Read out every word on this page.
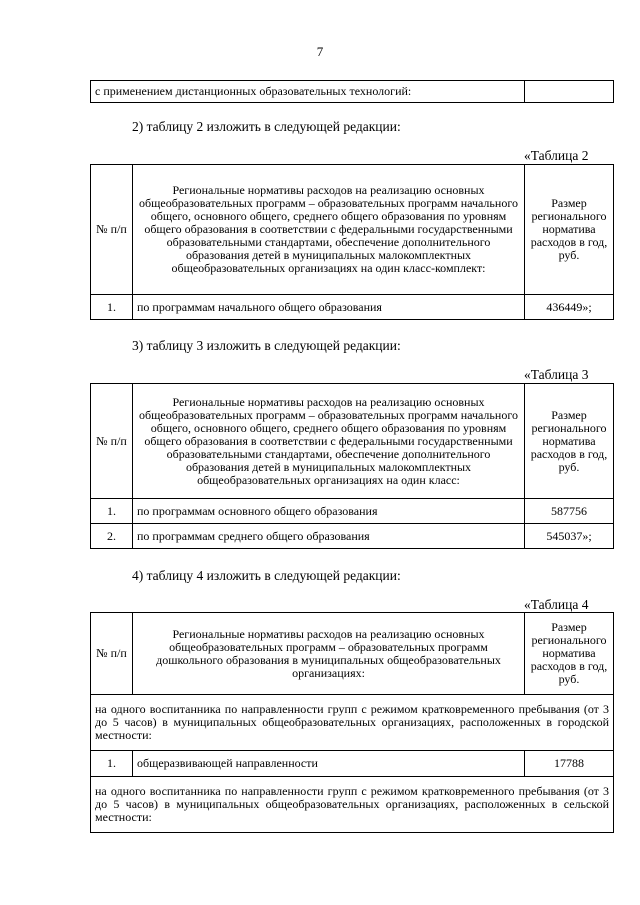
7
с применением дистанционных образовательных технологий:	
2) таблицу 2 изложить в следующей редакции:
«Таблица 2
№ п/п	Региональные нормативы расходов на реализацию основных общеобразовательных программ – образовательных программ начального общего, основного общего, среднего общего образования по уровням общего образования в соответствии с федеральными государственными образовательными стандартами, обеспечение дополнительного образования детей в муниципальных малокомплектных общеобразовательных организациях на один класс-комплект:	Размер регионального норматива расходов в год, руб.
1.	по программам начального общего образования	436449»;
3) таблицу 3 изложить в следующей редакции:
«Таблица 3
№ п/п	Региональные нормативы расходов на реализацию основных общеобразовательных программ – образовательных программ начального общего, основного общего, среднего общего образования по уровням общего образования в соответствии с федеральными государственными образовательными стандартами, обеспечение дополнительного образования детей в муниципальных малокомплектных общеобразовательных организациях на один класс:	Размер регионального норматива расходов в год, руб.
1.	по программам основного общего образования	587756
2.	по программам среднего общего образования	545037»;
4) таблицу 4 изложить в следующей редакции:
«Таблица 4
№ п/п	Региональные нормативы расходов на реализацию основных общеобразовательных программ – образовательных программ дошкольного образования в муниципальных общеобразовательных организациях:	Размер регионального норматива расходов в год, руб.
на одного воспитанника по направленности групп с режимом кратковременного пребывания (от 3 до 5 часов) в муниципальных общеобразовательных организациях, расположенных в городской местности:		
1.	общеразвивающей направленности	17788
на одного воспитанника по направленности групп с режимом кратковременного пребывания (от 3 до 5 часов) в муниципальных общеобразовательных организациях, расположенных в сельской местности:		
